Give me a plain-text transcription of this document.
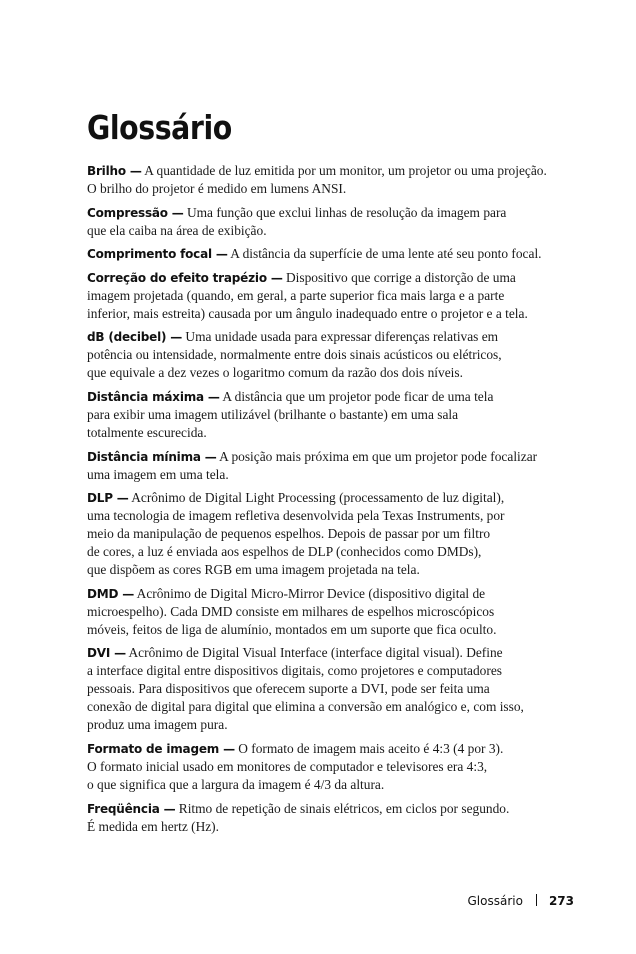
Glossário

Brilho — A quantidade de luz emitida por um monitor, um projetor ou uma projeção.
O brilho do projetor é medido em lumens ANSI.

Compressão — Uma função que exclui linhas de resolução da imagem para
que ela caiba na área de exibição.

Comprimento focal — A distância da superfície de uma lente até seu ponto focal.

Correção do efeito trapézio — Dispositivo que corrige a distorção de uma
imagem projetada (quando, em geral, a parte superior fica mais larga e a parte
inferior, mais estreita) causada por um ângulo inadequado entre o projetor e a tela.

dB (decibel) — Uma unidade usada para expressar diferenças relativas em
potência ou intensidade, normalmente entre dois sinais acústicos ou elétricos,
que equivale a dez vezes o logaritmo comum da razão dos dois níveis.

Distância máxima — A distância que um projetor pode ficar de uma tela
para exibir uma imagem utilizável (brilhante o bastante) em uma sala
totalmente escurecida.

Distância mínima — A posição mais próxima em que um projetor pode focalizar
uma imagem em uma tela.

DLP — Acrônimo de Digital Light Processing (processamento de luz digital),
uma tecnologia de imagem refletiva desenvolvida pela Texas Instruments, por
meio da manipulação de pequenos espelhos. Depois de passar por um filtro
de cores, a luz é enviada aos espelhos de DLP (conhecidos como DMDs),
que dispõem as cores RGB em uma imagem projetada na tela.

DMD — Acrônimo de Digital Micro-Mirror Device (dispositivo digital de
microespelho). Cada DMD consiste em milhares de espelhos microscópicos
móveis, feitos de liga de alumínio, montados em um suporte que fica oculto.

DVI — Acrônimo de Digital Visual Interface (interface digital visual). Define
a interface digital entre dispositivos digitais, como projetores e computadores
pessoais. Para dispositivos que oferecem suporte a DVI, pode ser feita uma
conexão de digital para digital que elimina a conversão em analógico e, com isso,
produz uma imagem pura.

Formato de imagem — O formato de imagem mais aceito é 4:3 (4 por 3).
O formato inicial usado em monitores de computador e televisores era 4:3,
o que significa que a largura da imagem é 4/3 da altura.

Freqüência — Ritmo de repetição de sinais elétricos, em ciclos por segundo.
É medida em hertz (Hz).

Glossário 273
